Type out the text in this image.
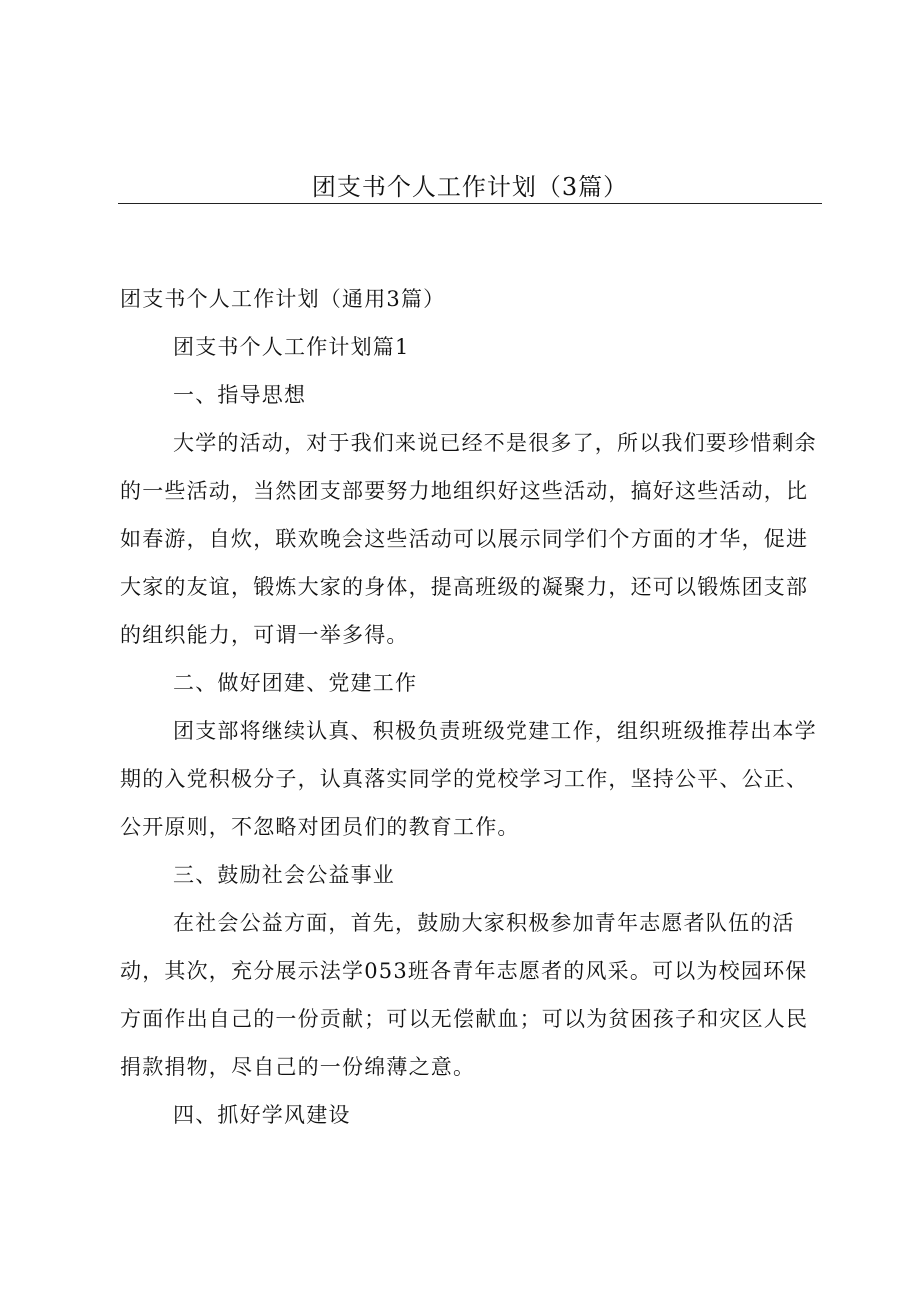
团支书个人工作计划（3篇）

团支书个人工作计划（通用3篇）

团支书个人工作计划篇1

一、指导思想

大学的活动，对于我们来说已经不是很多了，所以我们要珍惜剩余的一些活动，当然团支部要努力地组织好这些活动，搞好这些活动，比如春游，自炊，联欢晚会这些活动可以展示同学们个方面的才华，促进大家的友谊，锻炼大家的身体，提高班级的凝聚力，还可以锻炼团支部的组织能力，可谓一举多得。

二、做好团建、党建工作

团支部将继续认真、积极负责班级党建工作，组织班级推荐出本学期的入党积极分子，认真落实同学的党校学习工作，坚持公平、公正、公开原则，不忽略对团员们的教育工作。

三、鼓励社会公益事业

在社会公益方面，首先，鼓励大家积极参加青年志愿者队伍的活动，其次，充分展示法学053班各青年志愿者的风采。可以为校园环保方面作出自己的一份贡献；可以无偿献血；可以为贫困孩子和灾区人民捐款捐物，尽自己的一份绵薄之意。

四、抓好学风建设
